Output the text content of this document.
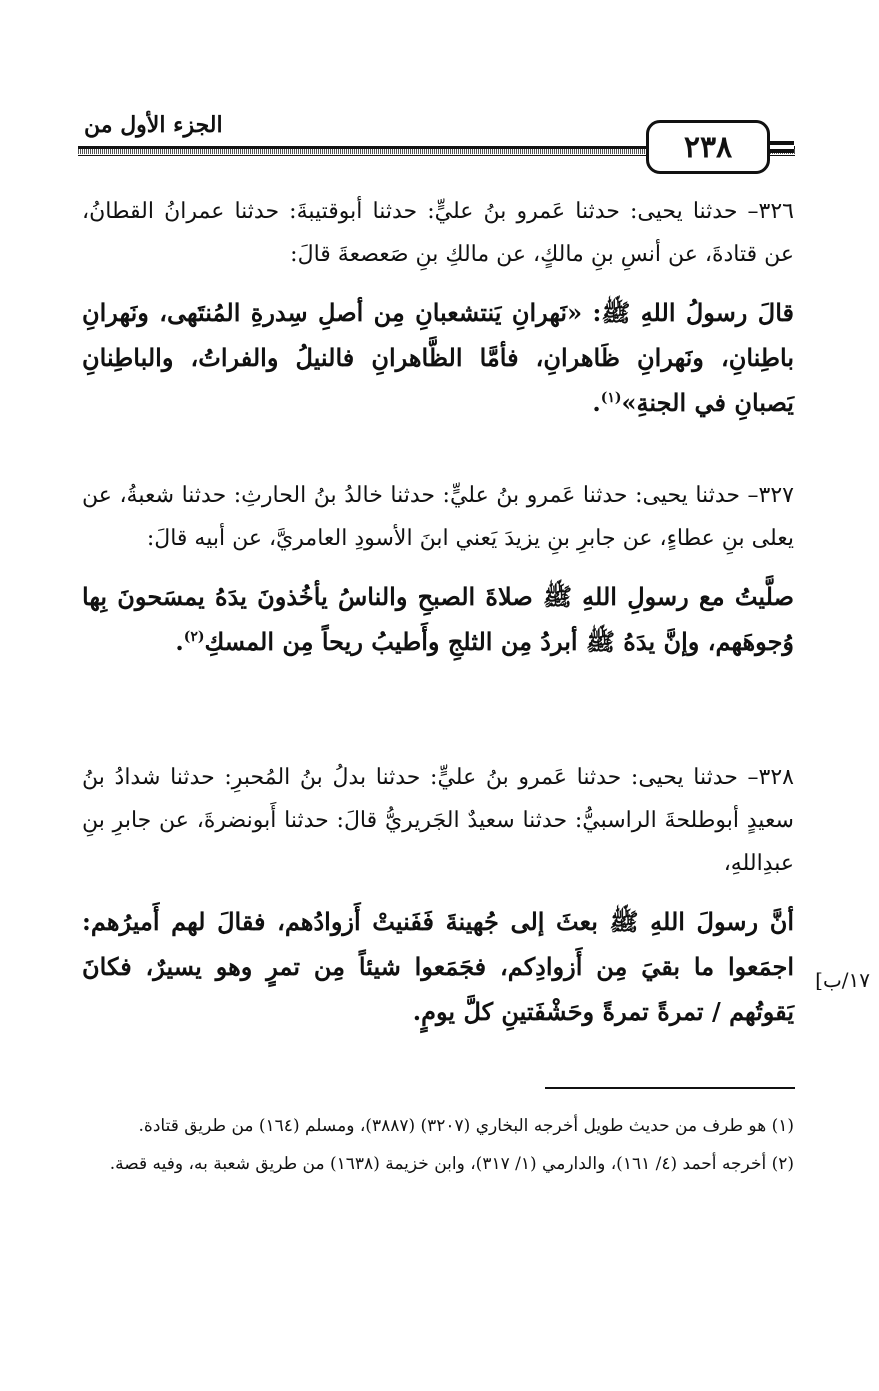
الجزء الأول من
٢٣٨

٣٢٦– حدثنا يحيى: حدثنا عَمرو بنُ عليٍّ: حدثنا أبوقتيبةَ: حدثنا عمرانُ القطانُ، عن قتادةَ، عن أنسِ بنِ مالكٍ، عن مالكِ بنِ صَعصعةَ قالَ:

قالَ رسولُ اللهِ ﷺ: «نَهرانِ يَنتشعبانِ مِن أصلِ سِدرةِ المُنتَهى، ونَهرانِ باطِنانِ، ونَهرانِ ظَاهرانِ، فأمَّا الظَّاهرانِ فالنيلُ والفراتُ، والباطِنانِ يَصبانِ في الجنةِ»$^{(١)}$.

٣٢٧– حدثنا يحيى: حدثنا عَمرو بنُ عليٍّ: حدثنا خالدُ بنُ الحارثِ: حدثنا شعبةُ، عن يعلى بنِ عطاءٍ، عن جابرِ بنِ يزيدَ يَعني ابنَ الأسودِ العامريَّ، عن أبيه قالَ:

صلَّيتُ مع رسولِ اللهِ ﷺ صلاةَ الصبحِ والناسُ يأخُذونَ يدَهُ يمسَحونَ بِها وُجوهَهم، وإنَّ يدَهُ ﷺ أبردُ مِن الثلجِ وأَطيبُ ريحاً مِن المسكِ$^{(٢)}$.

٣٢٨– حدثنا يحيى: حدثنا عَمرو بنُ عليٍّ: حدثنا بدلُ بنُ المُحبرِ: حدثنا شدادُ بنُ سعيدٍ أبوطلحةَ الراسبيُّ: حدثنا سعيدٌ الجَريريُّ قالَ: حدثنا أَبونضرةَ، عن جابرِ بنِ عبدِاللهِ،

أنَّ رسولَ اللهِ ﷺ بعثَ إلى جُهينةَ فَفَنيتْ أَزوادُهم، فقالَ لهم أَميرُهم: اجمَعوا ما بقيَ مِن أَزوادِكم، فجَمَعوا شيئاً مِن تمرٍ وهو يسيرٌ، فكانَ يَقوتُهم / تمرةً تمرةً وحَشْفَتينِ كلَّ يومٍ.

١٧/ب]

(١) هو طرف من حديث طويل أخرجه البخاري (٣٢٠٧) (٣٨٨٧)، ومسلم (١٦٤) من طريق قتادة.

(٢) أخرجه أحمد (٤/ ١٦١)، والدارمي (١/ ٣١٧)، وابن خزيمة (١٦٣٨) من طريق شعبة به، وفيه قصة.
